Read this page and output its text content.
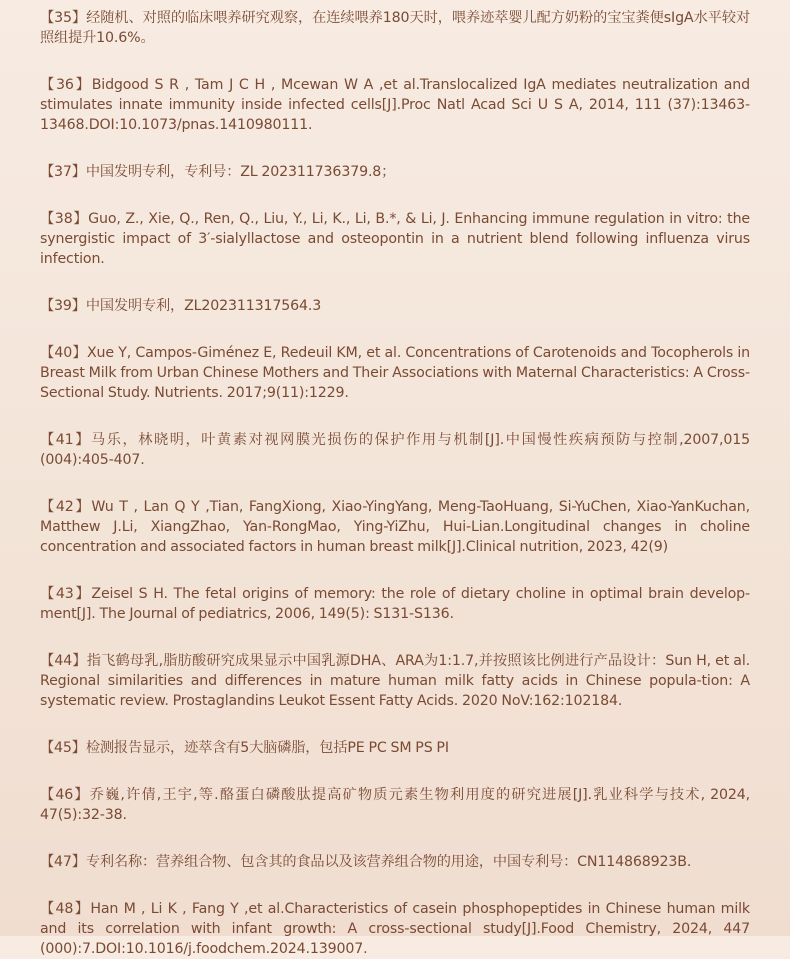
【35】经随机、对照的临床喂养研究观察，在连续喂养180天时，喂养迹萃婴儿配方奶粉的宝宝粪便sIgA水平较对照组提升10.6%。

【36】Bidgood S R , Tam J C H , Mcewan W A ,et al.Translocalized IgA mediates neutralization and stimulates innate immunity inside infected cells[J].Proc Natl Acad Sci U S A, 2014, 111 (37):13463-13468.DOI:10.1073/pnas.1410980111.

【37】中国发明专利，专利号：ZL 202311736379.8；

【38】Guo, Z., Xie, Q., Ren, Q., Liu, Y., Li, K., Li, B.*, & Li, J. Enhancing immune regulation in vitro: the synergistic impact of 3′-sialyllactose and osteopontin in a nutrient blend following influenza virus infection.

【39】中国发明专利，ZL202311317564.3

【40】Xue Y, Campos-Giménez E, Redeuil KM, et al. Concentrations of Carotenoids and Tocopherols in Breast Milk from Urban Chinese Mothers and Their Associations with Maternal Characteristics: A Cross-Sectional Study. Nutrients. 2017;9(11):1229.

【41】马乐，林晓明，叶黄素对视网膜光损伤的保护作用与机制[J].中国慢性疾病预防与控制,2007,015 (004):405-407.

【42】Wu T , Lan Q Y ,Tian, FangXiong, Xiao-YingYang, Meng-TaoHuang, Si-YuChen, Xiao-YanKuchan, Matthew J.Li, XiangZhao, Yan-RongMao, Ying-YiZhu, Hui-Lian.Longitudinal changes in choline concentration and associated factors in human breast milk[J].Clinical nutrition, 2023, 42(9)

【43】Zeisel S H. The fetal origins of memory: the role of dietary choline in optimal brain develop-ment[J]. The Journal of pediatrics, 2006, 149(5): S131-S136.

【44】指飞鹤母乳,脂肪酸研究成果显示中国乳源DHA、ARA为1:1.7,并按照该比例进行产品设计：Sun H, et al. Regional similarities and differences in mature human milk fatty acids in Chinese popula-tion: A systematic review. Prostaglandins Leukot Essent Fatty Acids. 2020 NoV:162:102184.

【45】检测报告显示，迹萃含有5大脑磷脂，包括PE PC SM PS PI

【46】乔巍,许倩,王宇,等.酪蛋白磷酸肽提高矿物质元素生物利用度的研究进展[J].乳业科学与技术, 2024, 47(5):32-38.

【47】专利名称：营养组合物、包含其的食品以及该营养组合物的用途，中国专利号：CN114868923B.

【48】Han M , Li K , Fang Y ,et al.Characteristics of casein phosphopeptides in Chinese human milk and its correlation with infant growth: A cross-sectional study[J].Food Chemistry, 2024, 447 (000):7.DOI:10.1016/j.foodchem.2024.139007.
